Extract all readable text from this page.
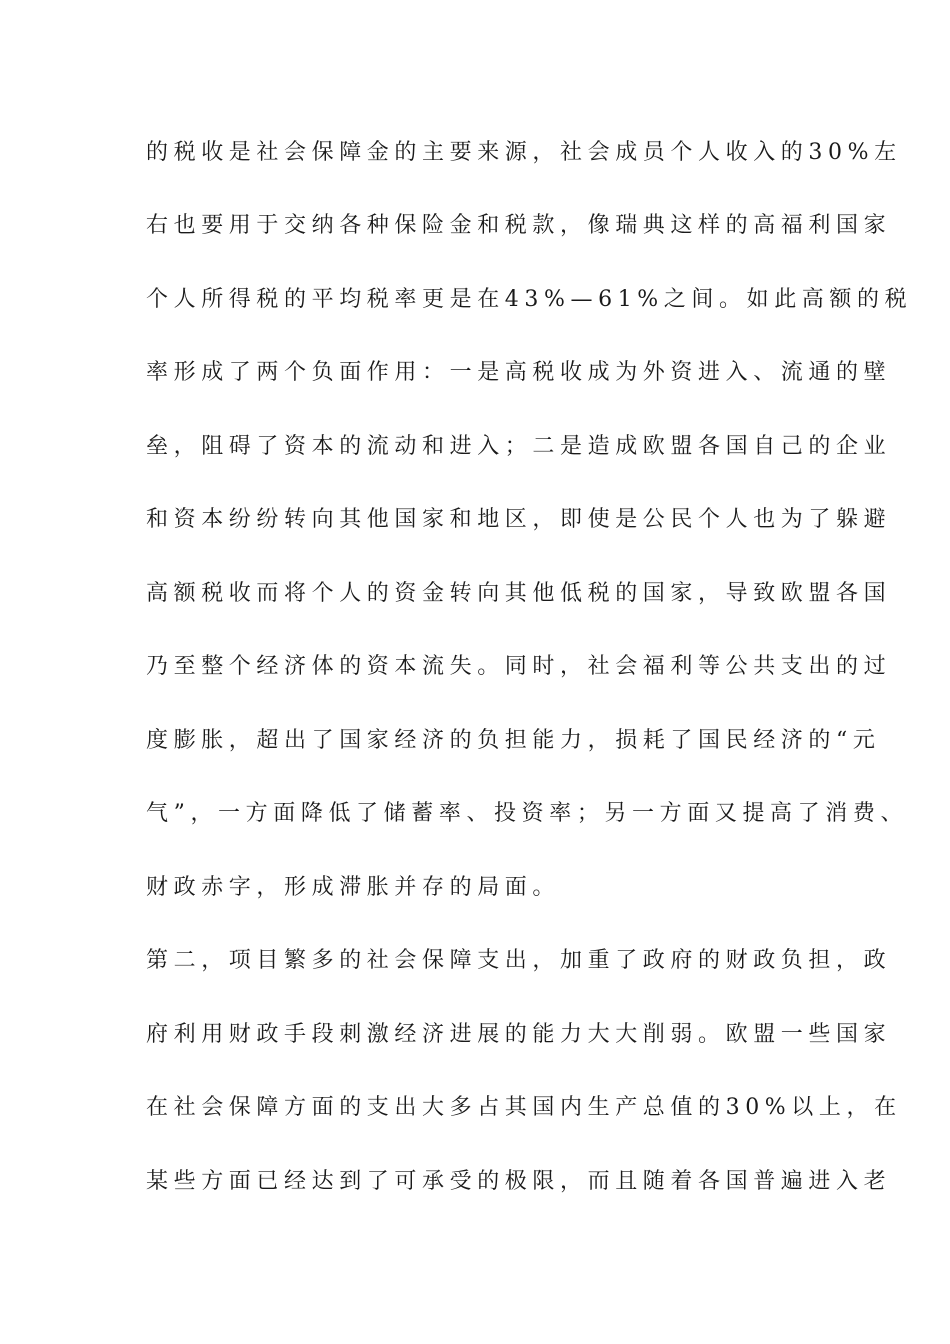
的税收是社会保障金的主要来源，社会成员个人收入的30%左
右也要用于交纳各种保险金和税款，像瑞典这样的高福利国家
个人所得税的平均税率更是在43%—61%之间。如此高额的税
率形成了两个负面作用：一是高税收成为外资进入、流通的壁
垒，阻碍了资本的流动和进入；二是造成欧盟各国自己的企业
和资本纷纷转向其他国家和地区，即使是公民个人也为了躲避
高额税收而将个人的资金转向其他低税的国家，导致欧盟各国
乃至整个经济体的资本流失。同时，社会福利等公共支出的过
度膨胀，超出了国家经济的负担能力，损耗了国民经济的“元
气”，一方面降低了储蓄率、投资率；另一方面又提高了消费、
财政赤字，形成滞胀并存的局面。
第二，项目繁多的社会保障支出，加重了政府的财政负担，政
府利用财政手段刺激经济进展的能力大大削弱。欧盟一些国家
在社会保障方面的支出大多占其国内生产总值的30%以上，在
某些方面已经达到了可承受的极限，而且随着各国普遍进入老
